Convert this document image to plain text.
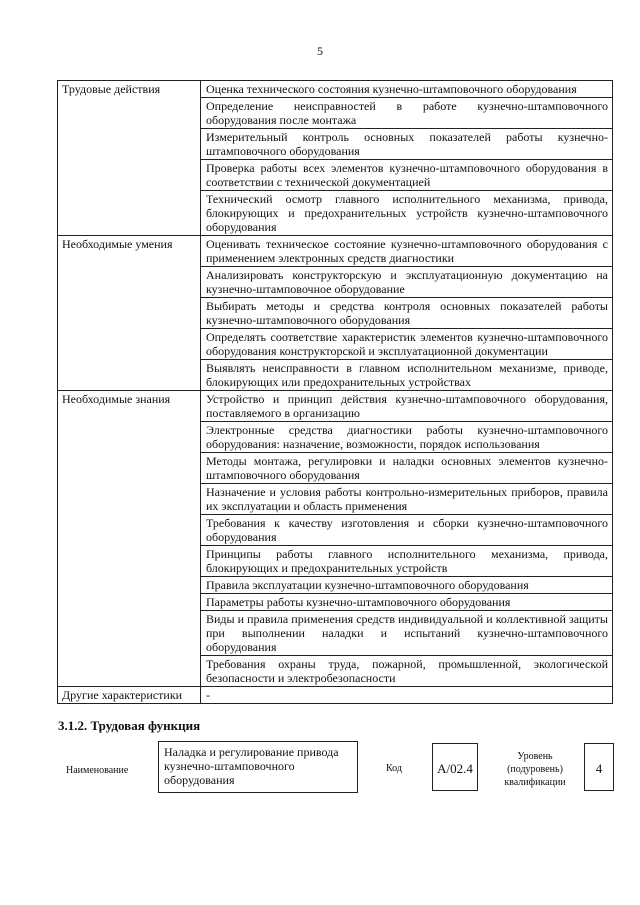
5
Трудовые действия	Оценка технического состояния кузнечно-штамповочного оборудования
	Определение неисправностей в работе кузнечно-штамповочного оборудования после монтажа
	Измерительный контроль основных показателей работы кузнечно-штамповочного оборудования
	Проверка работы всех элементов кузнечно-штамповочного оборудования в соответствии с технической документацией
	Технический осмотр главного исполнительного механизма, привода, блокирующих и предохранительных устройств кузнечно-штамповочного оборудования
Необходимые умения	Оценивать техническое состояние кузнечно-штамповочного оборудования с применением электронных средств диагностики
	Анализировать конструкторскую и эксплуатационную документацию на кузнечно-штамповочное оборудование
	Выбирать методы и средства контроля основных показателей работы кузнечно-штамповочного оборудования
	Определять соответствие характеристик элементов кузнечно-штамповочного оборудования конструкторской и эксплуатационной документации
	Выявлять неисправности в главном исполнительном механизме, приводе, блокирующих или предохранительных устройствах
Необходимые знания	Устройство и принцип действия кузнечно-штамповочного оборудования, поставляемого в организацию
	Электронные средства диагностики работы кузнечно-штамповочного оборудования: назначение, возможности, порядок использования
	Методы монтажа, регулировки и наладки основных элементов кузнечно-штамповочного оборудования
	Назначение и условия работы контрольно-измерительных приборов, правила их эксплуатации и область применения
	Требования к качеству изготовления и сборки кузнечно-штамповочного оборудования
	Принципы работы главного исполнительного механизма, привода, блокирующих и предохранительных устройств
	Правила эксплуатации кузнечно-штамповочного оборудования
	Параметры работы кузнечно-штамповочного оборудования
	Виды и правила применения средств индивидуальной и коллективной защиты при выполнении наладки и испытаний кузнечно-штамповочного оборудования
	Требования охраны труда, пожарной, промышленной, экологической безопасности и электробезопасности
Другие характеристики	-
3.1.2. Трудовая функция
Наименование
Наладка и регулирование привода кузнечно-штамповочного оборудования
Код	А/02.4
Уровень (подуровень) квалификации
4
